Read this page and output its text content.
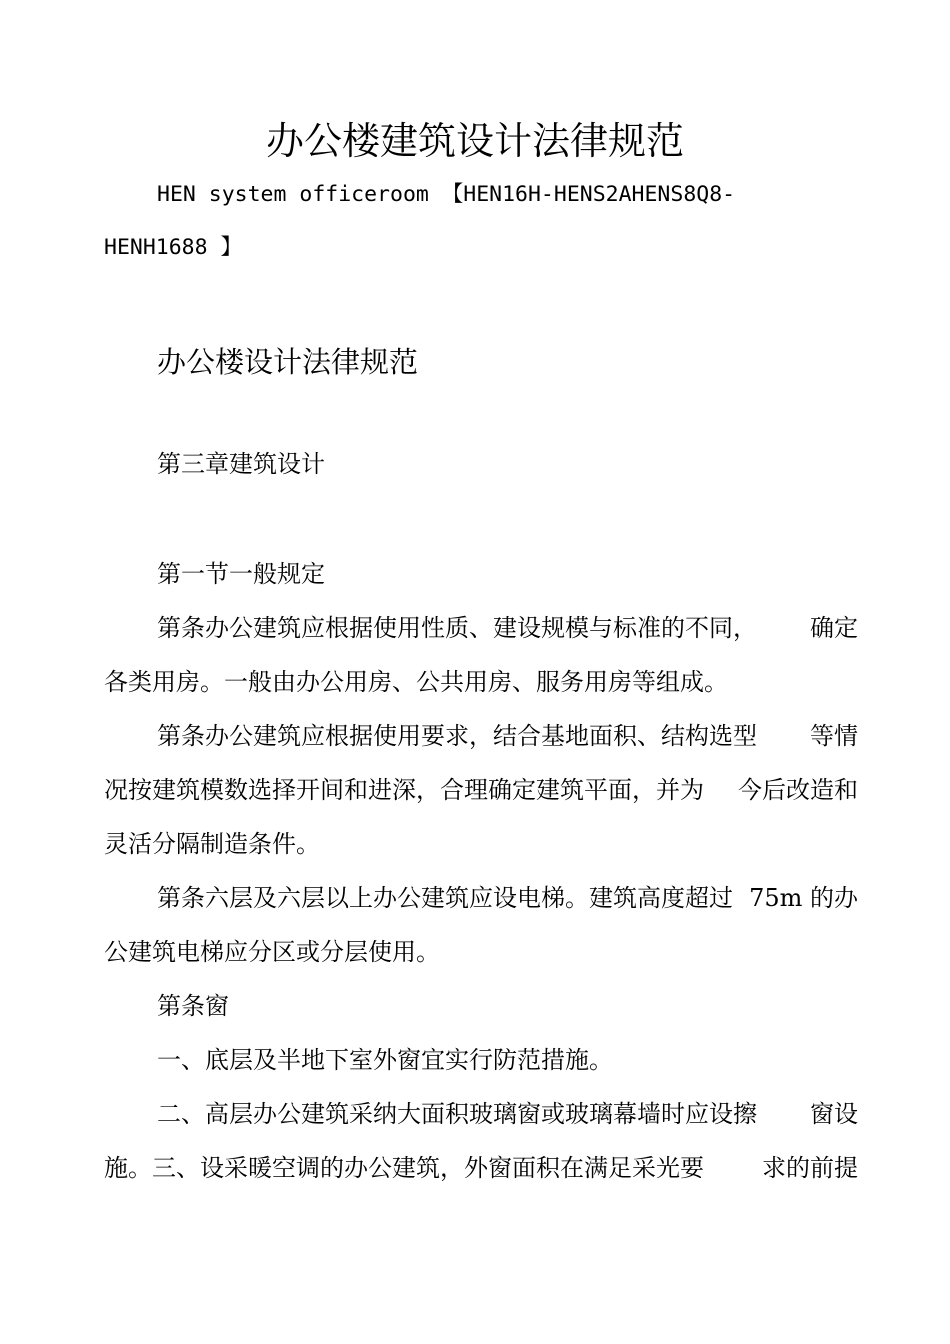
办公楼建筑设计法律规范
HEN system officeroom 【HEN16H-HENS2AHENS8Q8-
HENH1688 】
办公楼设计法律规范
第三章建筑设计
第一节一般规定
第条办公建筑应根据使用性质、建设规模与标准的不同， 确定
各类用房。一般由办公用房、公共用房、服务用房等组成。
第条办公建筑应根据使用要求，结合基地面积、结构选型 等情
况按建筑模数选择开间和进深，合理确定建筑平面，并为 今后改造和
灵活分隔制造条件。
第条六层及六层以上办公建筑应设电梯。建筑高度超过 75m 的办
公建筑电梯应分区或分层使用。
第条窗
一、底层及半地下室外窗宜实行防范措施。
二、高层办公建筑采纳大面积玻璃窗或玻璃幕墙时应设擦 窗设
施。三、设采暖空调的办公建筑，外窗面积在满足采光要 求的前提
